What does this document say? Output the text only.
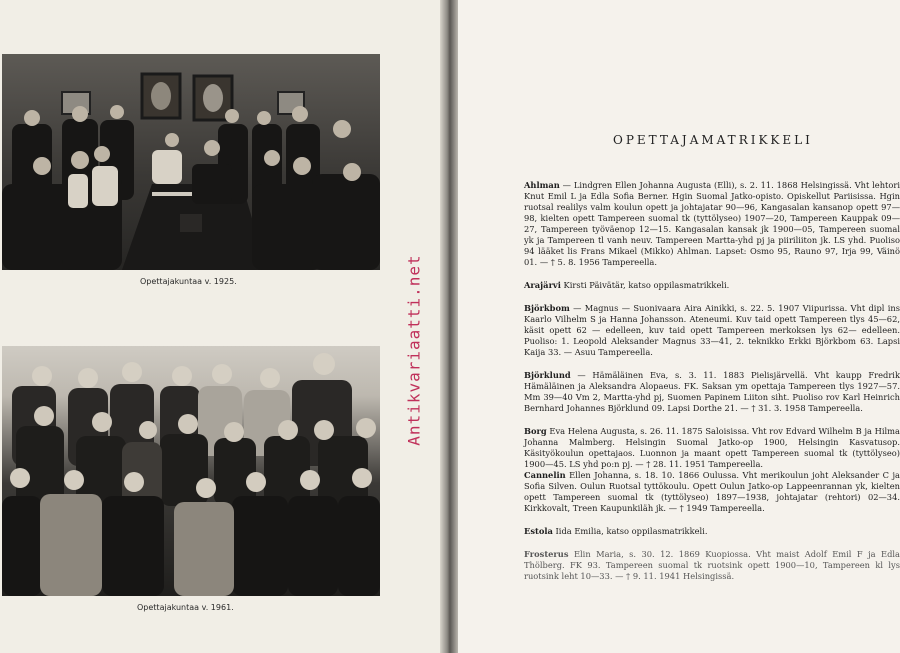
Opettajakuntaa v. 1925.
Opettajakuntaa v. 1961.
Antikvariaatti.net
OPETTAJAMATRIKKELI

Ahlman — Lindgren Ellen Johanna Augusta (Elli), s. 2. 11. 1868 Helsingissä. Vht lehtori Knut Emil L ja Edla Sofia Berner. Hgin Suomal Jatko-opisto. Opiskellut Pariisissa. Hgin ruotsal realilys valm koulun opett ja johtajatar 90—96, Kangasalan kansanop opett 97—98, kielten opett Tampereen suomal tk (tyttölyseo) 1907—20, Tampereen Kauppak 09—27, Tampereen työväenop 12—15. Kangasalan kansak jk 1900—05, Tampereen suomal yk ja Tampereen tl vanh neuv. Tampereen Martta-yhd pj ja piiriliiton jk. LS yhd. Puoliso 94 lääket lis Frans Mikael (Mikko) Ahlman. Lapset: Osmo 95, Rauno 97, Irja 99, Väinö 01. — † 5. 8. 1956 Tampereella.

Arajärvi Kirsti Päivätär, katso oppilasmatrikkeli.

Björkbom — Magnus — Suonivaara Aira Ainikki, s. 22. 5. 1907 Viipurissa. Vht dipl ins Kaarlo Vilhelm S ja Hanna Johansson. Ateneumi. Kuv taid opett Tampereen tlys 45—62, käsit opett 62 — edelleen, kuv taid opett Tampereen merkoksen lys 62— edelleen. Puoliso: 1. Leopold Aleksander Magnus 33—41, 2. teknikko Erkki Björkbom 63. Lapsi Kaija 33. — Asuu Tampereella.

Björklund — Hämäläinen Eva, s. 3. 11. 1883 Pielisjärvellä. Vht kaupp Fredrik Hämäläinen ja Aleksandra Alopaeus. FK. Saksan ym opettaja Tampereen tlys 1927—57. Mm 39—40 Vm 2, Martta-yhd pj, Suomen Papinem Liiton siht. Puoliso rov Karl Heinrich Bernhard Johannes Björklund 09. Lapsi Dorthe 21. — † 31. 3. 1958 Tampereella.

Borg Eva Helena Augusta, s. 26. 11. 1875 Saloisissa. Vht rov Edvard Wilhelm B ja Hilma Johanna Malmberg. Helsingin Suomal Jatko-op 1900, Helsingin Kasvatusop. Käsityökoulun opettajaos. Luonnon ja maant opett Tampereen suomal tk (tyttölyseo) 1900—45. LS yhd po:n pj. — † 28. 11. 1951 Tampereella.

Cannelin Ellen Johanna, s. 18. 10. 1866 Oulussa. Vht merikoulun joht Aleksander C ja Sofia Silven. Oulun Ruotsal tyttökoulu. Opett Oulun Jatko-op Lappeenrannan yk, kielten opett Tampereen suomal tk (tyttölyseo) 1897—1938, johtajatar (rehtori) 02—34. Kirkkovalt, Treen Kaupunkiläh jk. — † 1949 Tampereella.

Estola Iida Emilia, katso oppilasmatrikkeli.

Frosterus Elin Maria, s. 30. 12. 1869 Kuopiossa. Vht maist Adolf Emil F ja Edla Thölberg. FK 93. Tampereen suomal tk ruotsink opett 1900—10, Tampereen kl lys ruotsink leht 10—33. — † 9. 11. 1941 Helsingissä.
